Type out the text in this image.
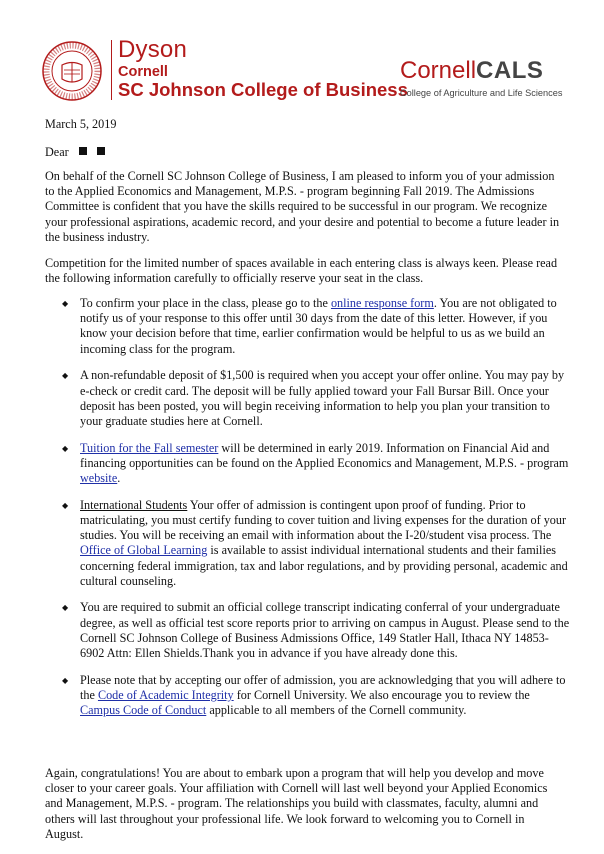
Dyson
Cornell
SC Johnson College of Business
CornellCALS
College of Agriculture and Life Sciences
March 5, 2019
Dear

On behalf of the Cornell SC Johnson College of Business, I am pleased to inform you of your admission to the Applied Economics and Management, M.P.S. - program beginning Fall 2019. The Admissions Committee is confident that you have the skills required to be successful in our program. We recognize your professional aspirations, academic record, and your desire and potential to become a future leader in the business industry.

Competition for the limited number of spaces available in each entering class is always keen. Please read the following information carefully to officially reserve your seat in the class.

◆ To confirm your place in the class, please go to the online response form. You are not obligated to notify us of your response to this offer until 30 days from the date of this letter. However, if you know your decision before that time, earlier confirmation would be helpful to us as we build an incoming class for the program.
◆ A non-refundable deposit of $1,500 is required when you accept your offer online. You may pay by e-check or credit card. The deposit will be fully applied toward your Fall Bursar Bill. Once your deposit has been posted, you will begin receiving information to help you plan your transition to your graduate studies here at Cornell.
◆ Tuition for the Fall semester will be determined in early 2019. Information on Financial Aid and financing opportunities can be found on the Applied Economics and Management, M.P.S. - program website.
◆ International Students Your offer of admission is contingent upon proof of funding. Prior to matriculating, you must certify funding to cover tuition and living expenses for the duration of your studies. You will be receiving an email with information about the I-20/student visa process. The Office of Global Learning is available to assist individual international students and their families concerning federal immigration, tax and labor regulations, and by providing personal, academic and cultural counseling.
◆ You are required to submit an official college transcript indicating conferral of your undergraduate degree, as well as official test score reports prior to arriving on campus in August. Please send to the Cornell SC Johnson College of Business Admissions Office, 149 Statler Hall, Ithaca NY 14853-6902 Attn: Ellen Shields.Thank you in advance if you have already done this.
◆ Please note that by accepting our offer of admission, you are acknowledging that you will adhere to the Code of Academic Integrity for Cornell University. We also encourage you to review the Campus Code of Conduct applicable to all members of the Cornell community.

Again, congratulations! You are about to embark upon a program that will help you develop and move closer to your career goals. Your affiliation with Cornell will last well beyond your Applied Economics and Management, M.P.S. - program. The relationships you build with classmates, faculty, alumni and others will last throughout your professional life. We look forward to welcoming you to Cornell in August.
